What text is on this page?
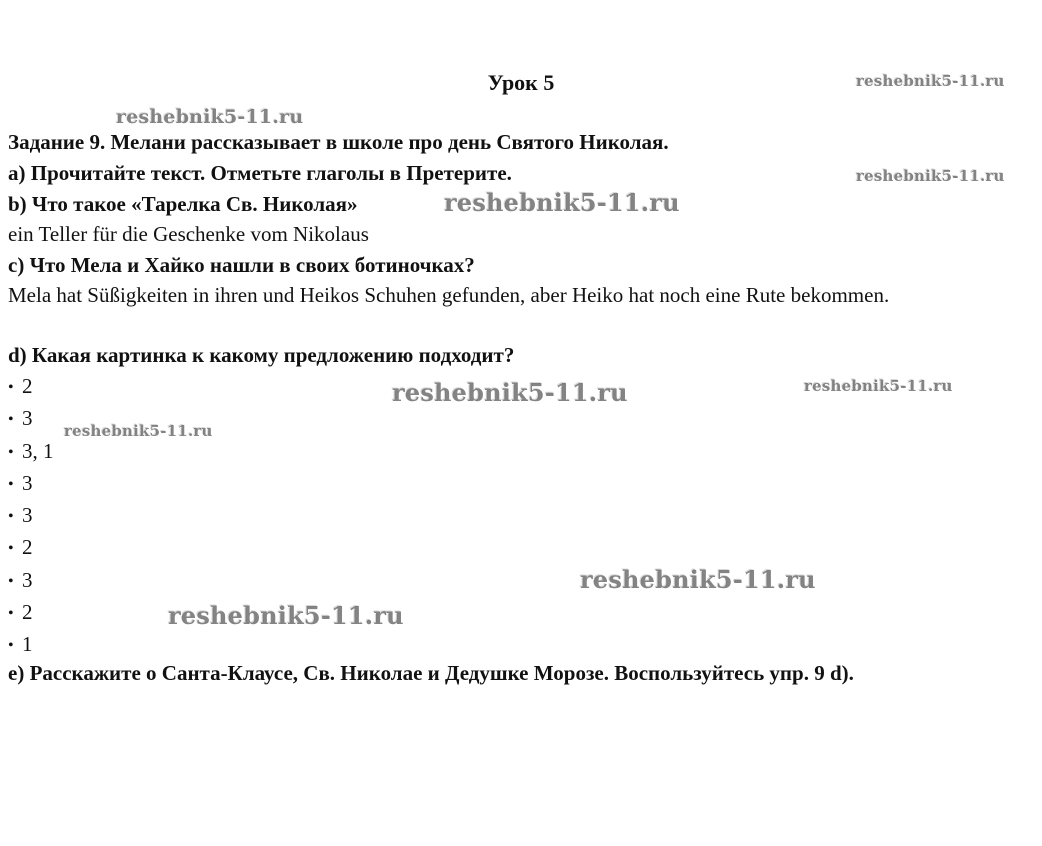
Урок 5
Задание 9. Мелани рассказывает в школе про день Святого Николая.
a) Прочитайте текст. Отметьте глаголы в Претерите.
b) Что такое «Тарелка Св. Николая»
ein Teller für die Geschenke vom Nikolaus
c) Что Мела и Хайко нашли в своих ботиночках?
Mela hat Süßigkeiten in ihren und Heikos Schuhen gefunden, aber Heiko hat noch eine Rute bekommen.
d) Какая картинка к какому предложению подходит?
• 2
• 3
• 3, 1
• 3
• 3
• 2
• 3
• 2
• 1
e) Расскажите о Санта-Клаусе, Св. Николае и Дедушке Морозе. Воспользуйтесь упр. 9 d).
reshebnik5-11.ru
reshebnik5-11.ru
reshebnik5-11.ru
reshebnik5-11.ru
reshebnik5-11.ru	reshebnik5-11.ru
reshebnik5-11.ru
reshebnik5-11.ru
reshebnik5-11.ru
